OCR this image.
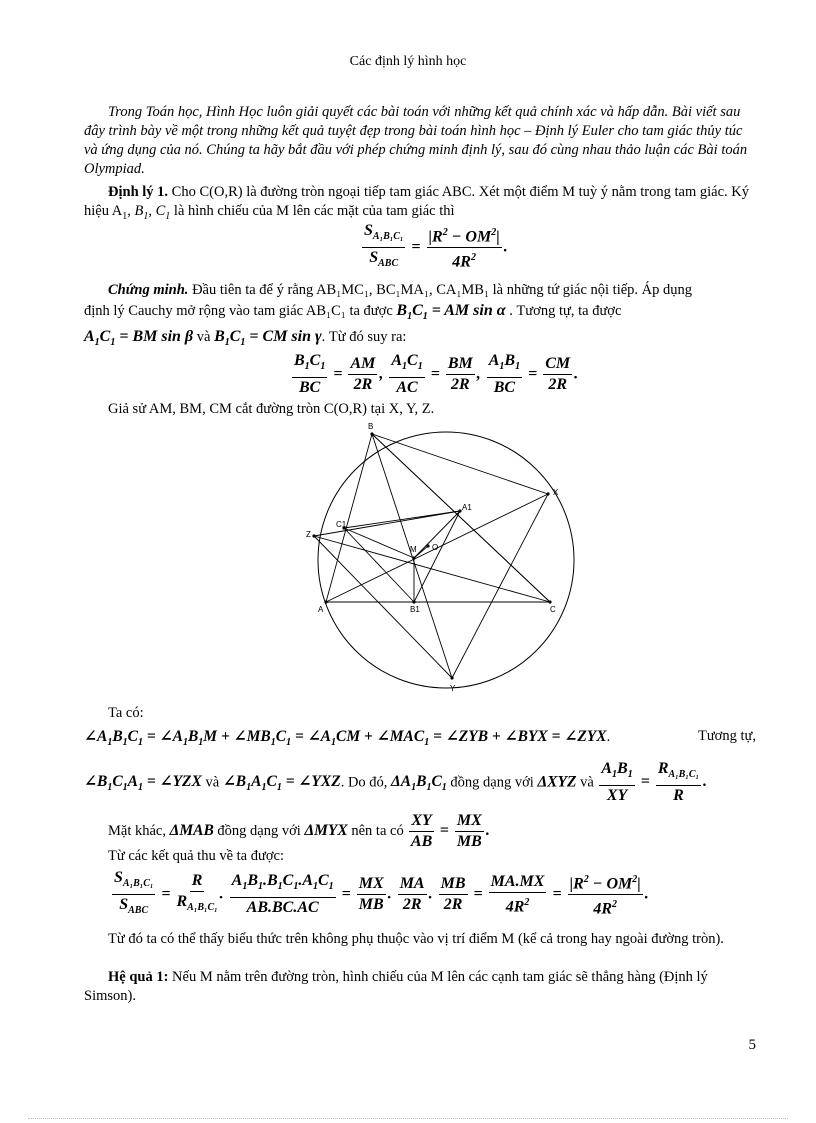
Các định lý hình học
Trong Toán học, Hình Học luôn giải quyết các bài toán với những kết quả chính xác và hấp dẫn. Bài viết sau đây trình bày về một trong những kết quả tuyệt đẹp trong bài toán hình học – Định lý Euler cho tam giác thủy túc và ứng dụng của nó. Chúng ta hãy bắt đầu với phép chứng minh định lý, sau đó cùng nhau thảo luận các Bài toán Olympiad.
Định lý 1. Cho C(O,R) là đường tròn ngoại tiếp tam giác ABC. Xét một điểm M tuỳ ý nằm trong tam giác. Ký hiệu $A_1$, $B_1$, $C_1$ là hình chiếu của M lên các mặt của tam giác thì
$\frac{S_{A_1B_1C_1}}{S_{ABC}} = \frac{|R^2 - OM^2|}{4R^2}$ .
Chứng minh. Đầu tiên ta để ý rằng AB₁MC₁, BC₁MA₁, CA₁MB₁ là những tứ giác nội tiếp. Áp dụng
định lý Cauchy mở rộng vào tam giác AB₁C₁ ta được $B_1C_1$ = AM sin α . Tương tự, ta được
$A_1C_1$ = BM sin β và $B_1C_1$ = CM sin γ. Từ đó suy ra:
$\frac{B_1C_1}{BC} = \frac{AM}{2R}$ , $\frac{A_1C_1}{AC} = \frac{BM}{2R}$ , $\frac{A_1B_1}{BC} = \frac{CM}{2R}$ .
Giả sử AM, BM, CM cắt đường tròn C(O,R) tại X, Y, Z.
B
X
A1
Z
C1
M O
A	B1	C
Y
Ta có:
$\angle A_1B_1C_1$ = $\angle A_1B_1M$ + $\angle MB_1C_1$ = $\angle A_1CM$ + $\angle MAC_1$ = ∠ZYB + ∠BYX = ∠ZYX.	Tương tự,
$\angle B_1C_1A_1$ = ∠YZX và $\angle B_1A_1C_1$ = ∠YXZ. Do đó, $\Delta A_1B_1C_1$ đồng dạng với ΔXYZ và $\frac{A_1B_1}{XY} = \frac{R_{A_1B_1C_1}}{R}$ .
Mặt khác, ΔMAB đồng dạng với ΔMYX nên ta có $\frac{XY}{AB} = \frac{MX}{MB}$ .
Từ các kết quả thu về ta được:
$\frac{S_{A_1B_1C_1}}{S_{ABC}} = \frac{R}{R_{A_1B_1C_1}}$ . $\frac{A_1B_1.B_1C_1.A_1C_1}{AB.BC.AC} = \frac{MX}{MB}$ . $\frac{MA}{2R}$ . $\frac{MB}{2R} = \frac{MA.MX}{4R^2} = \frac{|R^2 - OM^2|}{4R^2}$ .
Từ đó ta có thể thấy biểu thức trên không phụ thuộc vào vị trí điểm M (kể cả trong hay ngoài đường tròn).
Hệ quả 1: Nếu M nằm trên đường tròn, hình chiếu của M lên các cạnh tam giác sẽ thẳng hàng (Định lý Simson).
5
